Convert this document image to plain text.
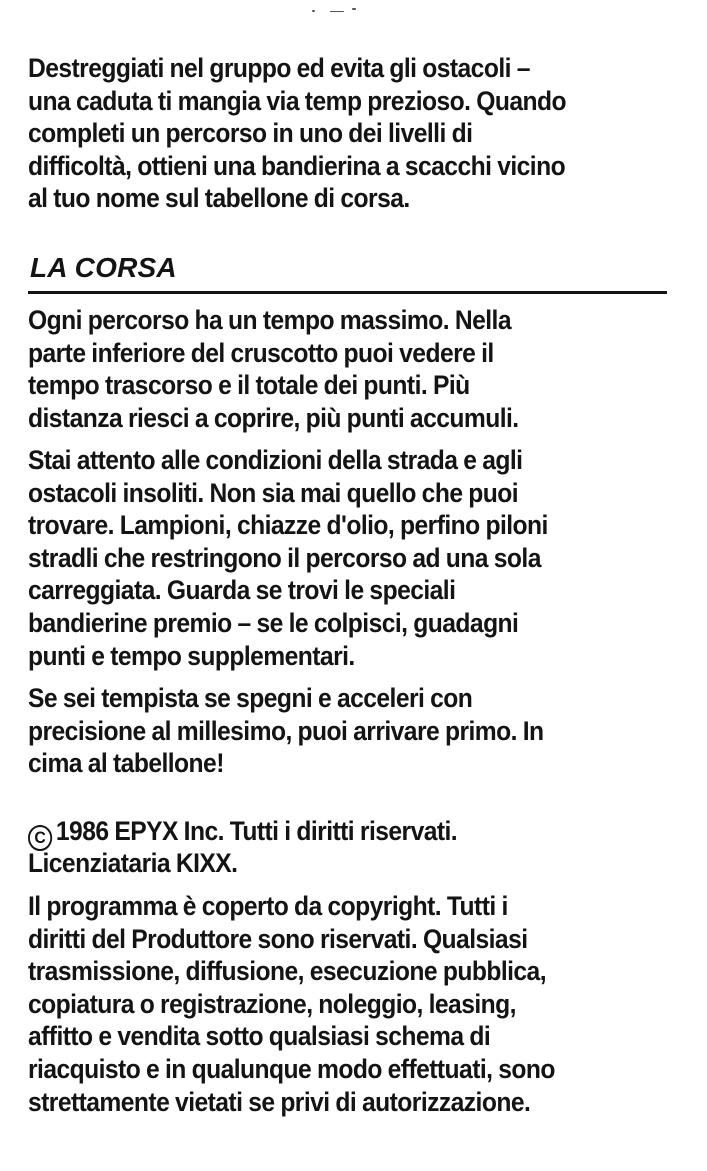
Destreggiati nel gruppo ed evita gli ostacoli –
una caduta ti mangia via temp prezioso. Quando
completi un percorso in uno dei livelli di
difficoltà, ottieni una bandierina a scacchi vicino
al tuo nome sul tabellone di corsa.

LA CORSA

Ogni percorso ha un tempo massimo. Nella
parte inferiore del cruscotto puoi vedere il
tempo trascorso e il totale dei punti. Più
distanza riesci a coprire, più punti accumuli.

Stai attento alle condizioni della strada e agli
ostacoli insoliti. Non sia mai quello che puoi
trovare. Lampioni, chiazze d'olio, perfino piloni
stradli che restringono il percorso ad una sola
carreggiata. Guarda se trovi le speciali
bandierine premio – se le colpisci, guadagni
punti e tempo supplementari.

Se sei tempista se spegni e acceleri con
precisione al millesimo, puoi arrivare primo. In
cima al tabellone!

C 1986 EPYX Inc. Tutti i diritti riservati.

Licenziataria KIXX.

Il programma è coperto da copyright. Tutti i
diritti del Produttore sono riservati. Qualsiasi
trasmissione, diffusione, esecuzione pubblica,
copiatura o registrazione, noleggio, leasing,
affitto e vendita sotto qualsiasi schema di
riacquisto e in qualunque modo effettuati, sono
strettamente vietati se privi di autorizzazione.
